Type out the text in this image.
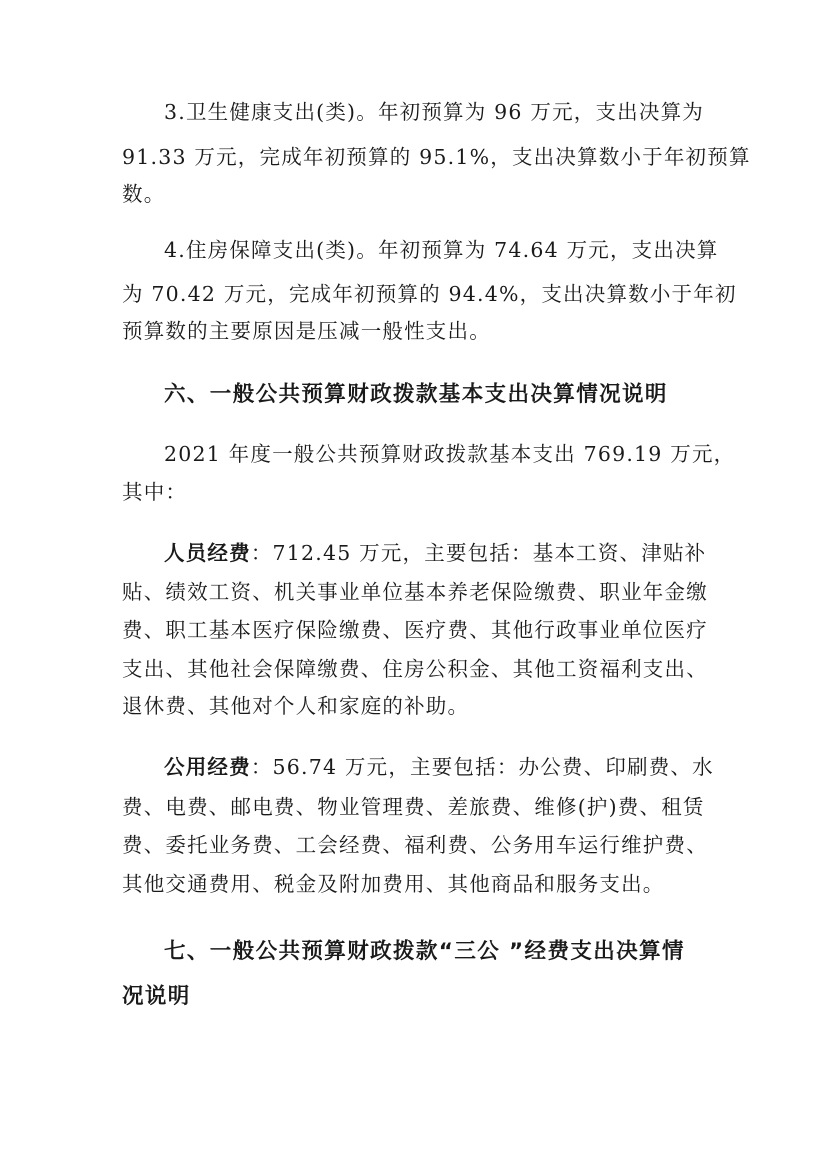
3.卫生健康支出(类)。年初预算为 96 万元，支出决算为
91.33 万元，完成年初预算的 95.1%，支出决算数小于年初预算
数。
4.住房保障支出(类)。年初预算为 74.64 万元，支出决算
为 70.42 万元，完成年初预算的 94.4%，支出决算数小于年初
预算数的主要原因是压减一般性支出。
六、一般公共预算财政拨款基本支出决算情况说明
2021 年度一般公共预算财政拨款基本支出 769.19 万元，
其中：
人员经费：712.45 万元，主要包括：基本工资、津贴补
贴、绩效工资、机关事业单位基本养老保险缴费、职业年金缴
费、职工基本医疗保险缴费、医疗费、其他行政事业单位医疗
支出、其他社会保障缴费、住房公积金、其他工资福利支出、
退休费、其他对个人和家庭的补助。
公用经费：56.74 万元，主要包括：办公费、印刷费、水
费、电费、邮电费、物业管理费、差旅费、维修(护)费、租赁
费、委托业务费、工会经费、福利费、公务用车运行维护费、
其他交通费用、税金及附加费用、其他商品和服务支出。
七、一般公共预算财政拨款“三公 ”经费支出决算情
况说明
